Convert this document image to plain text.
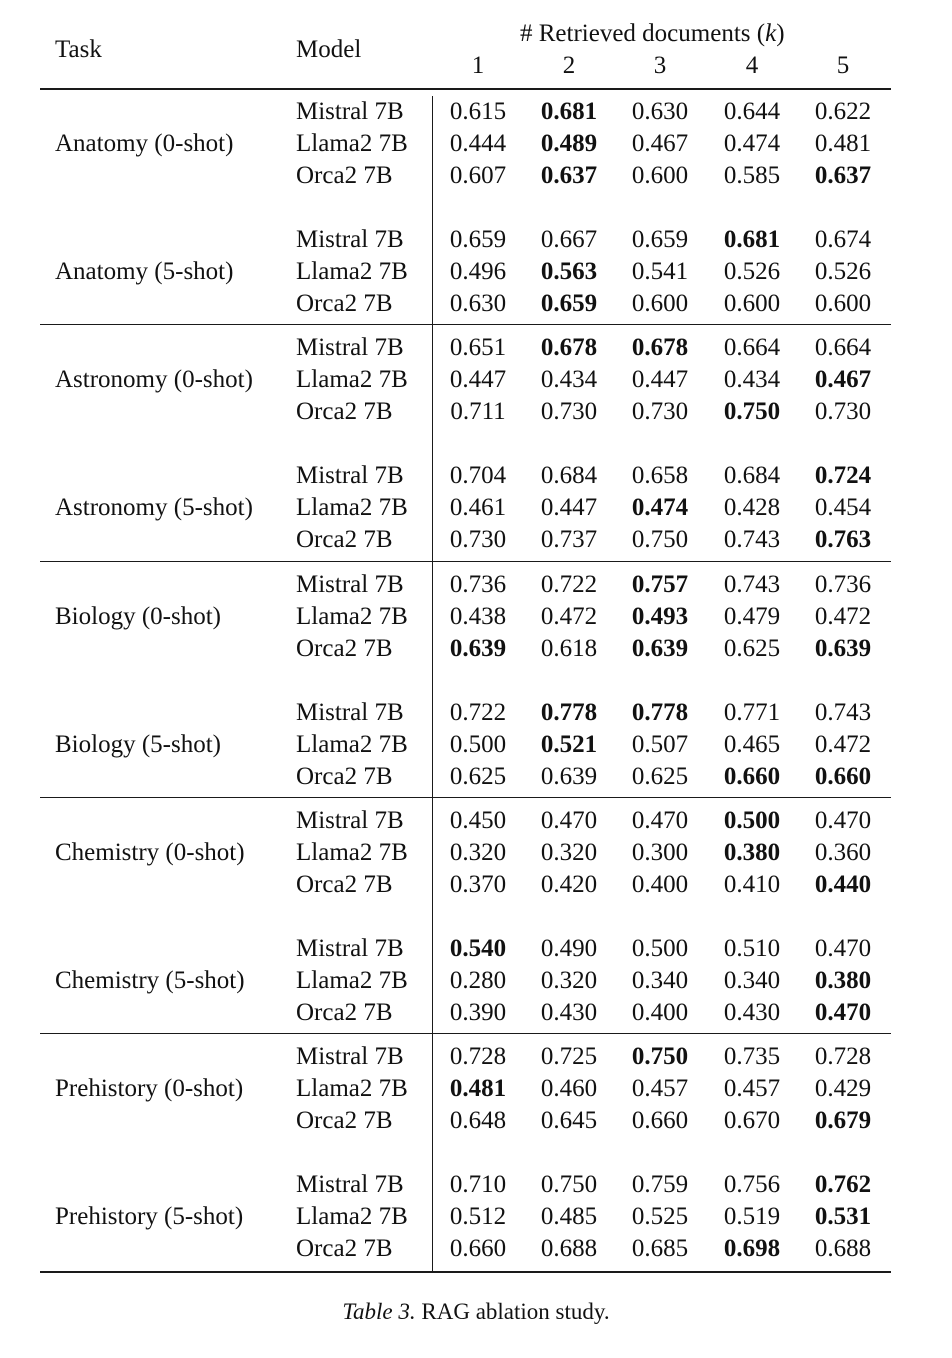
Task	Model
# Retrieved documents (k)
1	2	3	4	5
Anatomy (0-shot)
Mistral 7B	0.615	0.681	0.630	0.644	0.622
Llama2 7B	0.444	0.489	0.467	0.474	0.481
Orca2 7B	0.607	0.637	0.600	0.585	0.637
Anatomy (5-shot)
Mistral 7B	0.659	0.667	0.659	0.681	0.674
Llama2 7B	0.496	0.563	0.541	0.526	0.526
Orca2 7B	0.630	0.659	0.600	0.600	0.600
Astronomy (0-shot)
Mistral 7B	0.651	0.678	0.678	0.664	0.664
Llama2 7B	0.447	0.434	0.447	0.434	0.467
Orca2 7B	0.711	0.730	0.730	0.750	0.730
Astronomy (5-shot)
Mistral 7B	0.704	0.684	0.658	0.684	0.724
Llama2 7B	0.461	0.447	0.474	0.428	0.454
Orca2 7B	0.730	0.737	0.750	0.743	0.763
Biology (0-shot)
Mistral 7B	0.736	0.722	0.757	0.743	0.736
Llama2 7B	0.438	0.472	0.493	0.479	0.472
Orca2 7B	0.639	0.618	0.639	0.625	0.639
Biology (5-shot)
Mistral 7B	0.722	0.778	0.778	0.771	0.743
Llama2 7B	0.500	0.521	0.507	0.465	0.472
Orca2 7B	0.625	0.639	0.625	0.660	0.660
Chemistry (0-shot)
Mistral 7B	0.450	0.470	0.470	0.500	0.470
Llama2 7B	0.320	0.320	0.300	0.380	0.360
Orca2 7B	0.370	0.420	0.400	0.410	0.440
Chemistry (5-shot)
Mistral 7B	0.540	0.490	0.500	0.510	0.470
Llama2 7B	0.280	0.320	0.340	0.340	0.380
Orca2 7B	0.390	0.430	0.400	0.430	0.470
Prehistory (0-shot)
Mistral 7B	0.728	0.725	0.750	0.735	0.728
Llama2 7B	0.481	0.460	0.457	0.457	0.429
Orca2 7B	0.648	0.645	0.660	0.670	0.679
Prehistory (5-shot)
Mistral 7B	0.710	0.750	0.759	0.756	0.762
Llama2 7B	0.512	0.485	0.525	0.519	0.531
Orca2 7B	0.660	0.688	0.685	0.698	0.688
Table 3. RAG ablation study.
